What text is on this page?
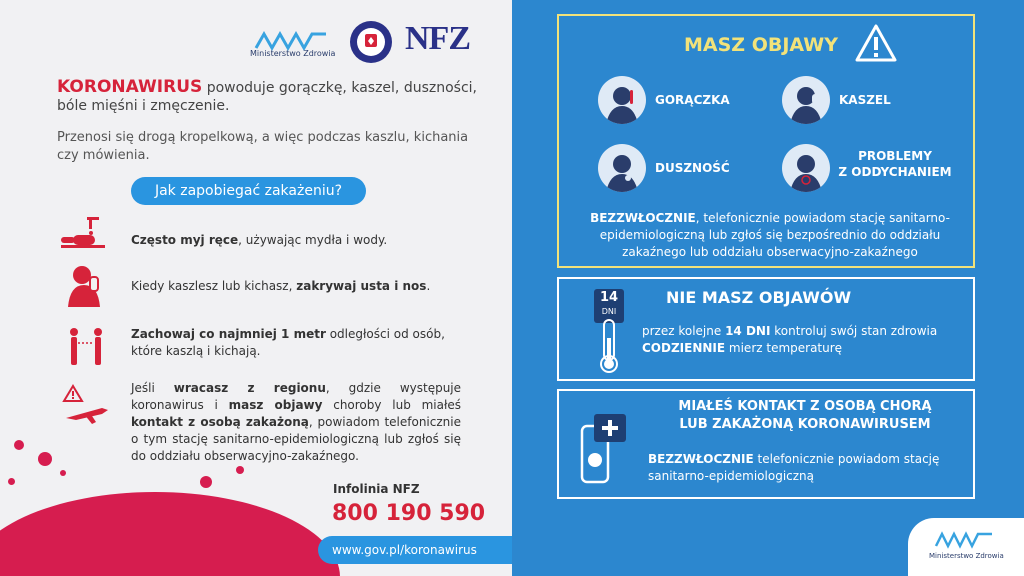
Ministerstwo Zdrowia NFZ

KORONAWIRUS powoduje gorączkę, kaszel, duszności, bóle mięśni i zmęczenie.

Przenosi się drogą kropelkową, a więc podczas kaszlu, kichania czy mówienia.

Jak zapobiegać zakażeniu?
Często myj ręce, używając mydła i wody.
Kiedy kaszlesz lub kichasz, zakrywaj usta i nos.
Zachowaj co najmniej 1 metr odległości od osób, które kaszlą i kichają.
Jeśli wracasz z regionu, gdzie występuje koronawirus i masz objawy choroby lub miałeś kontakt z osobą zakażoną, powiadom telefonicznie o tym stację sanitarno-epidemiologiczną lub zgłoś się do oddziału obserwacyjno-zakaźnego.
Infolinia NFZ
800 190 590
www.gov.pl/koronawirus
MASZ OBJAWY
GORĄCZKA	KASZEL
DUSZNOŚĆ
PROBLEMY
Z ODDYCHANIEM
BEZZWŁOCZNIE, telefonicznie powiadom stację sanitarno-epidemiologiczną lub zgłoś się bezpośrednio do oddziału zakaźnego lub oddziału obserwacyjno-zakaźnego
NIE MASZ OBJAWÓW
14
DNI
przez kolejne 14 DNI kontroluj swój stan zdrowia
CODZIENNIE mierz temperaturę
MIAŁEŚ KONTAKT Z OSOBĄ CHORĄ
LUB ZAKAŻONĄ KORONAWIRUSEM
BEZZWŁOCZNIE telefonicznie powiadom stację sanitarno-epidemiologiczną
Ministerstwo Zdrowia
